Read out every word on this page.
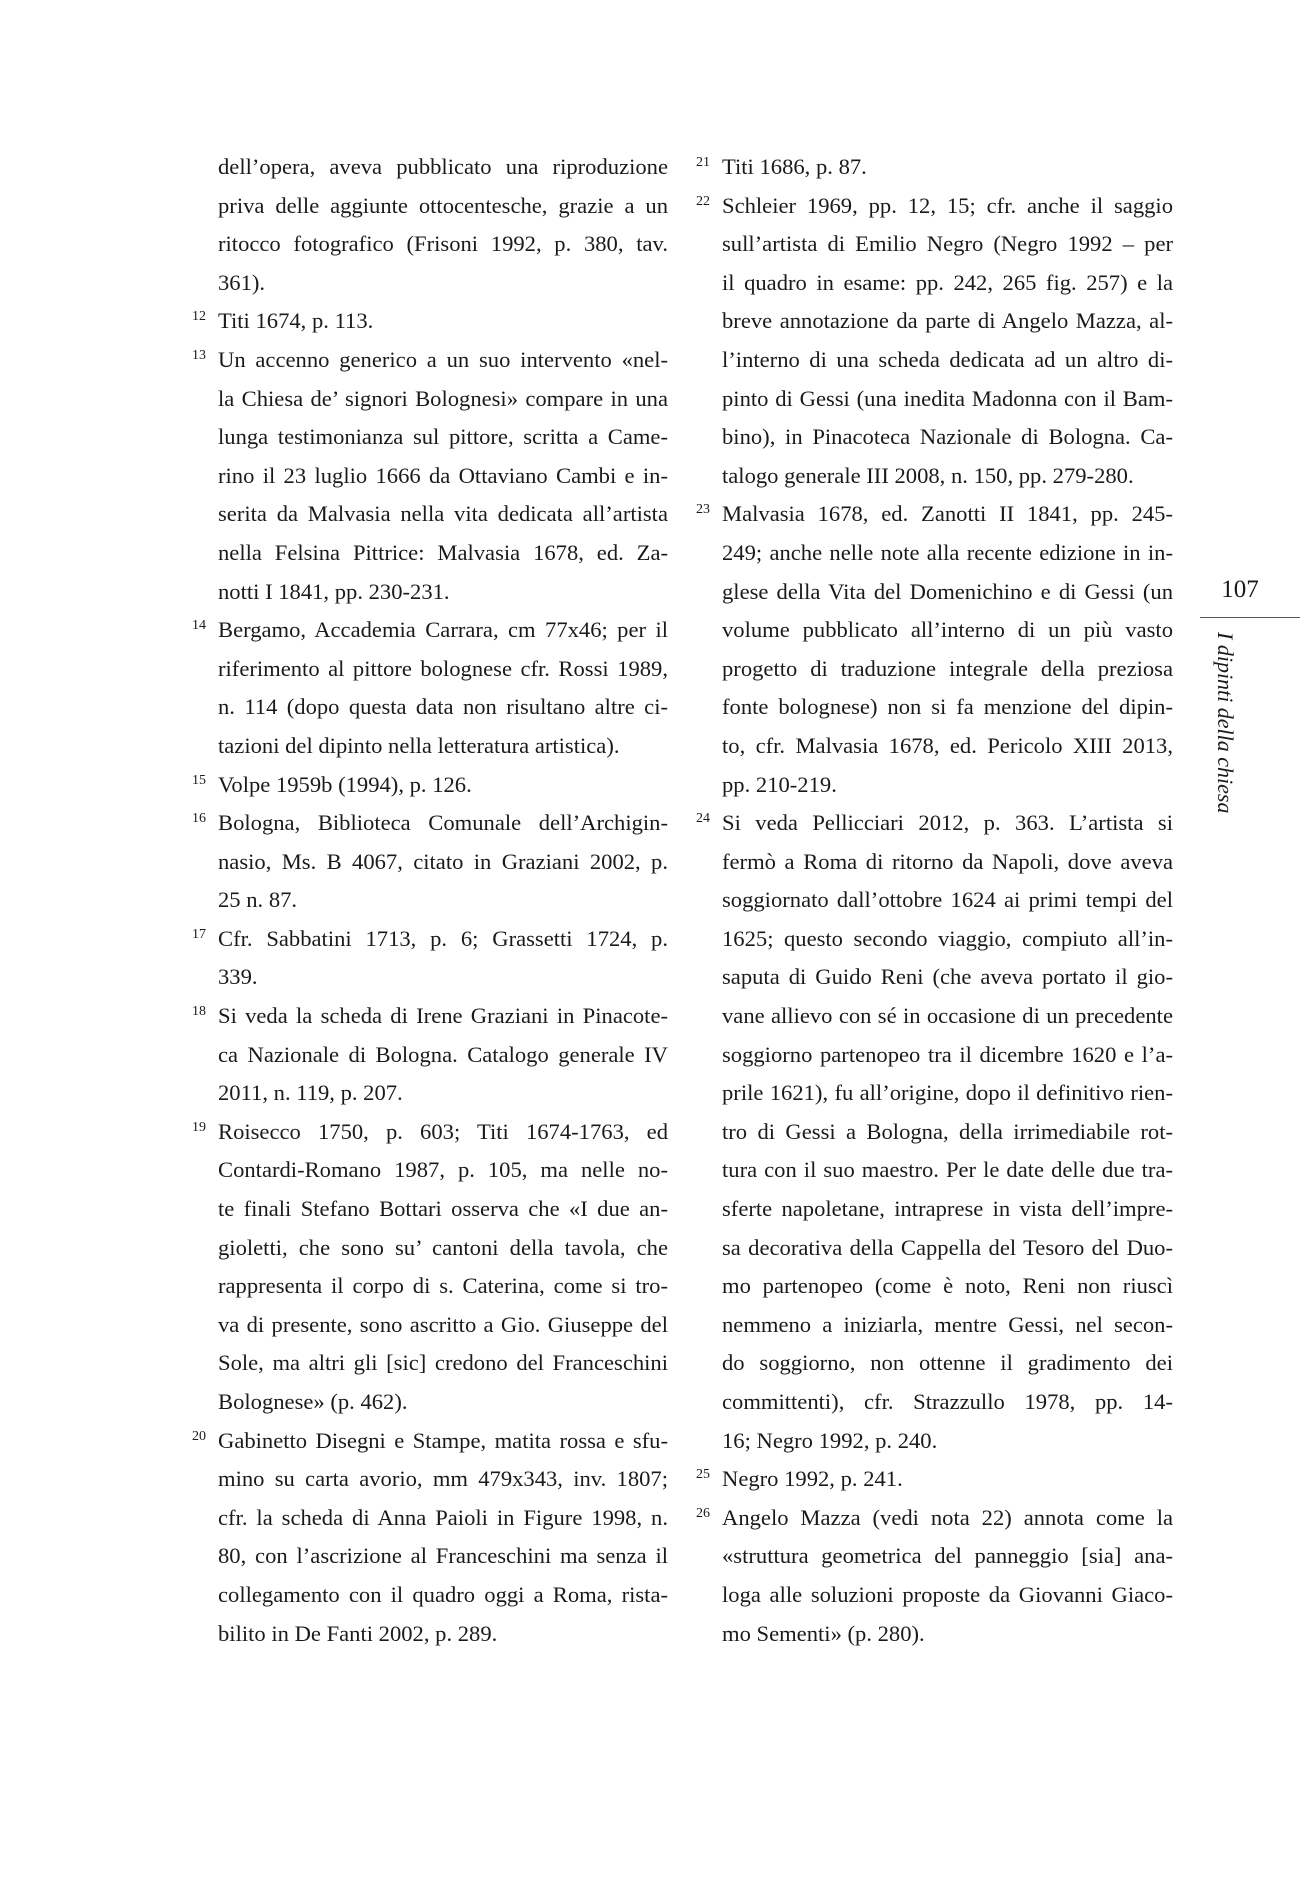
dell’opera, aveva pubblicato una riproduzione
priva delle aggiunte ottocentesche, grazie a un
ritocco fotografico (Frisoni 1992, p. 380, tav.
361).
12 Titi 1674, p. 113.
13 Un accenno generico a un suo intervento «nel-
la Chiesa de’ signori Bolognesi» compare in una
lunga testimonianza sul pittore, scritta a Came-
rino il 23 luglio 1666 da Ottaviano Cambi e in-
serita da Malvasia nella vita dedicata all’artista
nella Felsina Pittrice: Malvasia 1678, ed. Za-
notti I 1841, pp. 230-231.
14 Bergamo, Accademia Carrara, cm 77x46; per il
riferimento al pittore bolognese cfr. Rossi 1989,
n. 114 (dopo questa data non risultano altre ci-
tazioni del dipinto nella letteratura artistica).
15 Volpe 1959b (1994), p. 126.
16 Bologna, Biblioteca Comunale dell’Archigin-
nasio, Ms. B 4067, citato in Graziani 2002, p.
25 n. 87.
17 Cfr. Sabbatini 1713, p. 6; Grassetti 1724, p.
339.
18 Si veda la scheda di Irene Graziani in Pinacote-
ca Nazionale di Bologna. Catalogo generale IV
2011, n. 119, p. 207.
19 Roisecco 1750, p. 603; Titi 1674-1763, ed
Contardi-Romano 1987, p. 105, ma nelle no-
te finali Stefano Bottari osserva che «I due an-
gioletti, che sono su’ cantoni della tavola, che
rappresenta il corpo di s. Caterina, come si tro-
va di presente, sono ascritto a Gio. Giuseppe del
Sole, ma altri gli [sic] credono del Franceschini
Bolognese» (p. 462).
20 Gabinetto Disegni e Stampe, matita rossa e sfu-
mino su carta avorio, mm 479x343, inv. 1807;
cfr. la scheda di Anna Paioli in Figure 1998, n.
80, con l’ascrizione al Franceschini ma senza il
collegamento con il quadro oggi a Roma, rista-
bilito in De Fanti 2002, p. 289.
21 Titi 1686, p. 87.
22 Schleier 1969, pp. 12, 15; cfr. anche il saggio
sull’artista di Emilio Negro (Negro 1992 – per
il quadro in esame: pp. 242, 265 fig. 257) e la
breve annotazione da parte di Angelo Mazza, al-
l’interno di una scheda dedicata ad un altro di-
pinto di Gessi (una inedita Madonna con il Bam-
bino), in Pinacoteca Nazionale di Bologna. Ca-
talogo generale III 2008, n. 150, pp. 279-280.
23 Malvasia 1678, ed. Zanotti II 1841, pp. 245-
249; anche nelle note alla recente edizione in in-
glese della Vita del Domenichino e di Gessi (un
volume pubblicato all’interno di un più vasto
progetto di traduzione integrale della preziosa
fonte bolognese) non si fa menzione del dipin-
to, cfr. Malvasia 1678, ed. Pericolo XIII 2013,
pp. 210-219.
24 Si veda Pellicciari 2012, p. 363. L’artista si
fermò a Roma di ritorno da Napoli, dove aveva
soggiornato dall’ottobre 1624 ai primi tempi del
1625; questo secondo viaggio, compiuto all’in-
saputa di Guido Reni (che aveva portato il gio-
vane allievo con sé in occasione di un precedente
soggiorno partenopeo tra il dicembre 1620 e l’a-
prile 1621), fu all’origine, dopo il definitivo rien-
tro di Gessi a Bologna, della irrimediabile rot-
tura con il suo maestro. Per le date delle due tra-
sferte napoletane, intraprese in vista dell’impre-
sa decorativa della Cappella del Tesoro del Duo-
mo partenopeo (come è noto, Reni non riuscì
nemmeno a iniziarla, mentre Gessi, nel secon-
do soggiorno, non ottenne il gradimento dei
committenti), cfr. Strazzullo 1978, pp. 14-
16; Negro 1992, p. 240.
25 Negro 1992, p. 241.
26 Angelo Mazza (vedi nota 22) annota come la
«struttura geometrica del panneggio [sia] ana-
loga alle soluzioni proposte da Giovanni Giaco-
mo Sementi» (p. 280).
107
I dipinti della chiesa
